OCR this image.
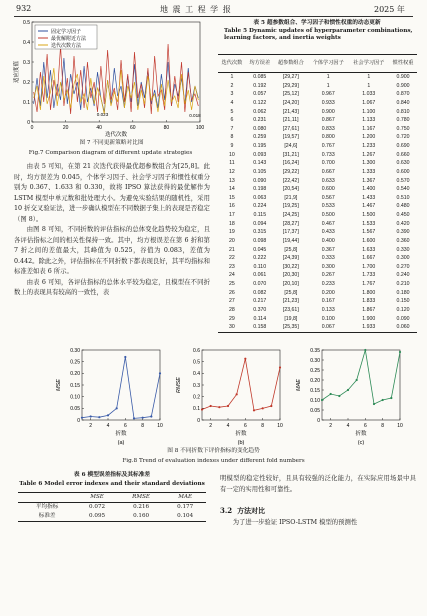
932	地 震 工 程 学 报	2025 年
0	20	40	60	80	100
0
0.1
0.2
0.3
0.4
0.5
迭代次数
适应度值
0.023	0.018
固定学习因子
最优解附近方法
迭代次数方法
图 7 不同更新策略对比图
Fig.7 Comparison diagram of different update strategies

由表 5 可知，在第 21 次迭代获得最优超参数组合为[25,8]。此时，均方误差为 0.045，个体学习因子、社会学习因子和惯性权重分别为 0.367、1.633 和 0.330，故将 IPSO 算法获得的最优解作为 LSTM 模型中单元数和批处理大小。为避免实验结果的随机性，采用 10 折交叉验证法，进一步确认模型在不同数据子集上的表现是否稳定（图 8）。

由图 8 可知，不同折数的评估指标的总体变化趋势较为稳定，且各评估指标之间的相关性保持一致。其中，均方根误差在第 6 折和第 7 折之间的差值最大，其峰值为 0.525，谷值为 0.083，差值为 0.442。除此之外，评估指标在不同折数下都表现良好，其平均指标和标准差如表 6 所示。

由表 6 可知，各评估指标的总体水平较为稳定，且模型在不同折数上的表现具有较高的一致性，表

表 5 超参数组合、学习因子和惯性权重的动态更新
Table 5 Dynamic updates of hyperparameter combinations, learning factors, and inertia weights
迭代次数	均方误差	超参数组合	个体学习因子	社会学习因子	惯性权重
1	0.085	[29,27]	1	1	0.900
2	0.192	[29,29]	1	1	0.900
3	0.057	[25,12]	0.967	1.033	0.870
4	0.122	[24,20]	0.933	1.067	0.840
5	0.062	[21,43]	0.900	1.100	0.810
6	0.231	[21,11]	0.867	1.133	0.780
7	0.080	[27,61]	0.833	1.167	0.750
8	0.259	[19,57]	0.800	1.200	0.720
9	0.195	[24,6]	0.767	1.233	0.690
10	0.093	[31,21]	0.733	1.267	0.660
11	0.143	[16,24]	0.700	1.300	0.630
12	0.105	[29,22]	0.667	1.333	0.600
13	0.090	[22,42]	0.633	1.367	0.570
14	0.198	[20,54]	0.600	1.400	0.540
15	0.063	[21,9]	0.567	1.433	0.510
16	0.224	[19,25]	0.533	1.467	0.480
17	0.115	[24,25]	0.500	1.500	0.450
18	0.094	[28,27]	0.467	1.533	0.420
19	0.315	[17,37]	0.433	1.567	0.390
20	0.098	[19,44]	0.400	1.600	0.360
21	0.045	[25,8]	0.367	1.633	0.330
22	0.222	[24,39]	0.333	1.667	0.300
23	0.110	[30,22]	0.300	1.700	0.270
24	0.061	[20,30]	0.267	1.733	0.240
25	0.070	[20,10]	0.233	1.767	0.210
26	0.082	[25,8]	0.200	1.800	0.180
27	0.217	[21,23]	0.167	1.833	0.150
28	0.370	[23,61]	0.133	1.867	0.120
29	0.114	[19,8]	0.100	1.900	0.090
30	0.158	[25,35]	0.067	1.933	0.060
2	4	6	8	10
0
0.05
0.10
0.15
0.20
0.25
0.30
折数
MSE
(a)
2	4	6	8	10
0
0.1
0.2
0.3
0.4
0.5
0.6
折数
RMSE
(b)
2	4	6	8	10
0
0.05
0.10
0.15
0.20
0.25
0.30
0.35
折数
MAE
(c)
图 8 不同折数下评价指标的变化趋势
Fig.8 Trend of evaluation indexes under different fold numbers
表 6 模型误差指标及其标准差
Table 6 Model error indexes and their standard deviations
	MSE	RMSE	MAE
平均指标	0.072	0.216	0.177
标准差	0.095	0.160	0.104

明模型的稳定性较好，且具有较强的泛化能力，在实际应用场景中具有一定的实用性和可靠性。

3.2 方法对比

为了进一步验证 IPSO-LSTM 模型的预测性
